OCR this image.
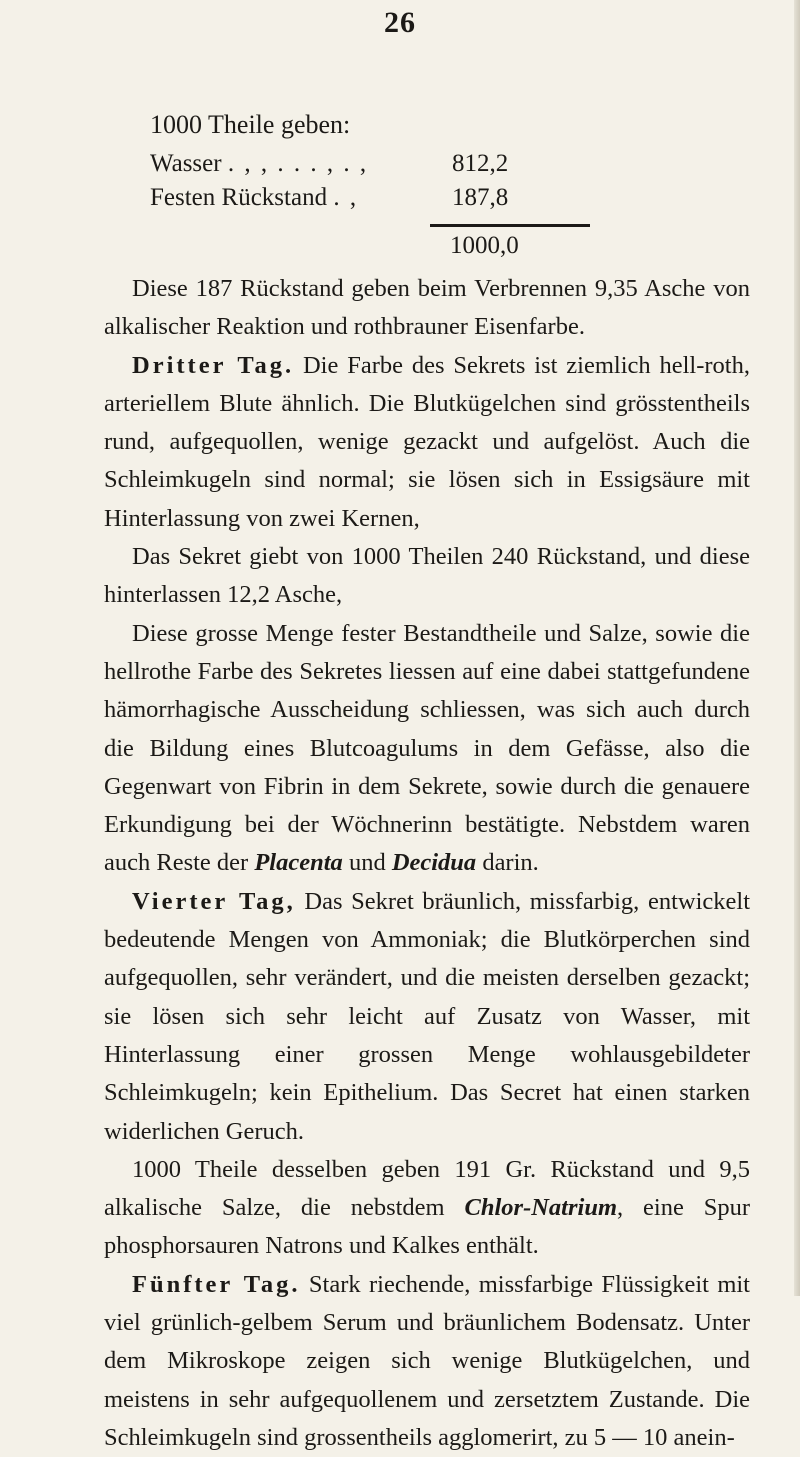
26
1000 Theile geben:
Wasser . , , . . . , . ,	812,2
Festen Rückstand . ,	187,8
1000,0

Diese 187 Rückstand geben beim Verbrennen 9,35 Asche von alkalischer Reaktion und rothbrauner Eisenfarbe.

Dritter Tag. Die Farbe des Sekrets ist ziemlich hell-roth, arteriellem Blute ähnlich. Die Blutkügelchen sind grösstentheils rund, aufgequollen, wenige gezackt und aufgelöst. Auch die Schleimkugeln sind normal; sie lösen sich in Essigsäure mit Hinterlassung von zwei Kernen,

Das Sekret giebt von 1000 Theilen 240 Rückstand, und diese hinterlassen 12,2 Asche,

Diese grosse Menge fester Bestandtheile und Salze, sowie die hellrothe Farbe des Sekretes liessen auf eine dabei stattgefundene hämorrhagische Ausscheidung schliessen, was sich auch durch die Bildung eines Blutcoagulums in dem Gefässe, also die Gegenwart von Fibrin in dem Sekrete, sowie durch die genauere Erkundigung bei der Wöchnerinn bestätigte. Nebstdem waren auch Reste der Placenta und Decidua darin.

Vierter Tag, Das Sekret bräunlich, missfarbig, entwickelt bedeutende Mengen von Ammoniak; die Blutkörperchen sind aufgequollen, sehr verändert, und die meisten derselben gezackt; sie lösen sich sehr leicht auf Zusatz von Wasser, mit Hinterlassung einer grossen Menge wohlausgebildeter Schleimkugeln; kein Epithelium. Das Secret hat einen starken widerlichen Geruch.

1000 Theile desselben geben 191 Gr. Rückstand und 9,5 alkalische Salze, die nebstdem Chlor-Natrium, eine Spur phosphorsauren Natrons und Kalkes enthält.

Fünfter Tag. Stark riechende, missfarbige Flüssigkeit mit viel grünlich-gelbem Serum und bräunlichem Bodensatz. Unter dem Mikroskope zeigen sich wenige Blutkügelchen, und meistens in sehr aufgequollenem und zersetztem Zustande. Die Schleimkugeln sind grossentheils agglomerirt, zu 5 — 10 anein-
